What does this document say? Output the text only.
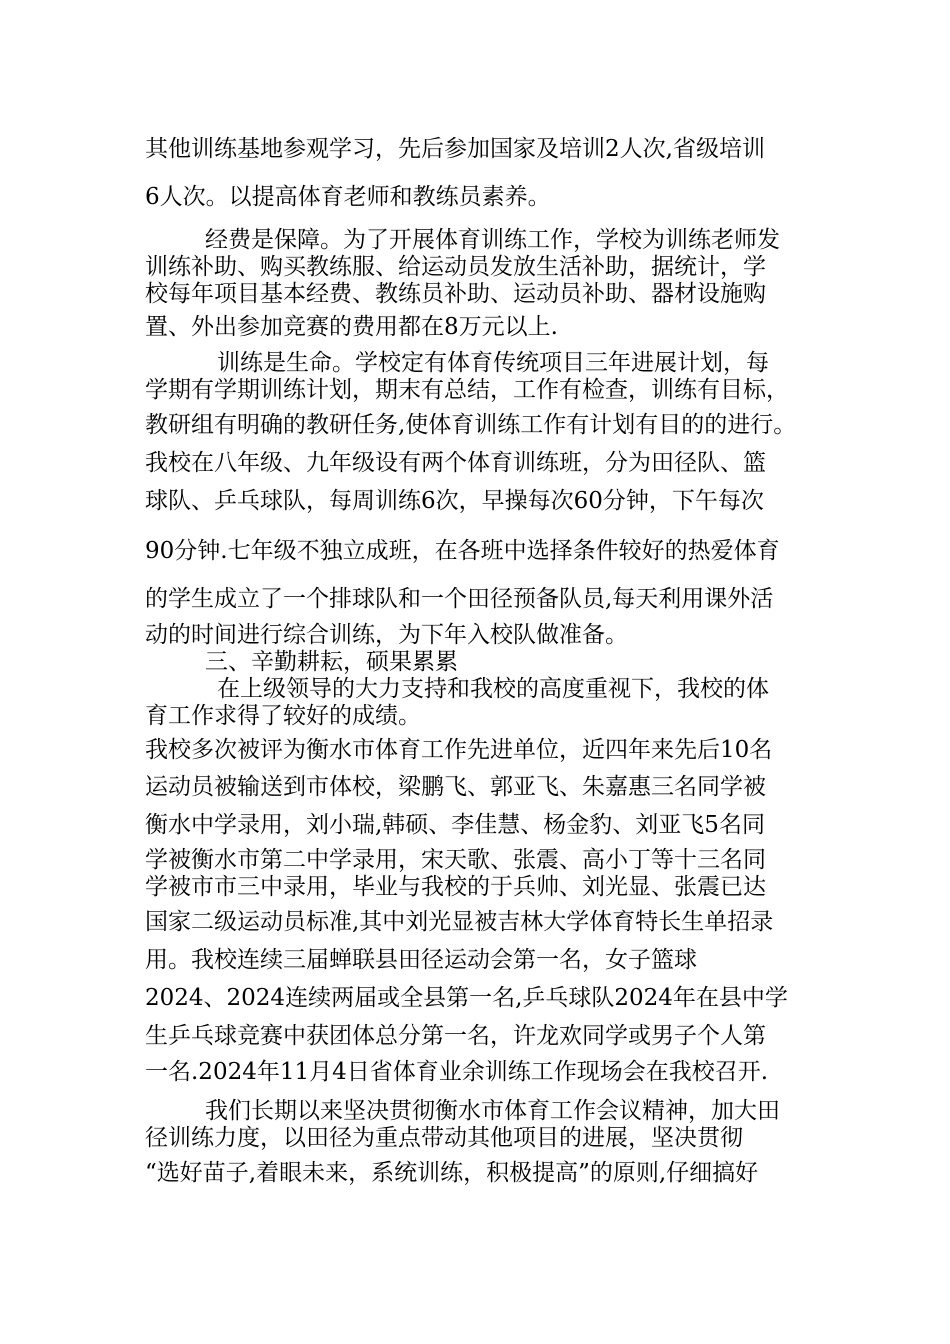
其他训练基地参观学习，先后参加国家及培训2人次,省级培训
6人次。以提高体育老师和教练员素养。
经费是保障。为了开展体育训练工作，学校为训练老师发
训练补助、购买教练服、给运动员发放生活补助，据统计，学
校每年项目基本经费、教练员补助、运动员补助、器材设施购
置、外出参加竞赛的费用都在8万元以上.
训练是生命。学校定有体育传统项目三年进展计划，每
学期有学期训练计划，期末有总结，工作有检查，训练有目标，
教研组有明确的教研任务,使体育训练工作有计划有目的的进行。
我校在八年级、九年级设有两个体育训练班，分为田径队、篮
球队、乒乓球队，每周训练6次，早操每次60分钟，下午每次
90分钟.七年级不独立成班，在各班中选择条件较好的热爱体育
的学生成立了一个排球队和一个田径预备队员,每天利用课外活
动的时间进行综合训练，为下年入校队做准备。
三、辛勤耕耘，硕果累累
在上级领导的大力支持和我校的高度重视下，我校的体
育工作求得了较好的成绩。
我校多次被评为衡水市体育工作先进单位，近四年来先后10名
运动员被输送到市体校，梁鹏飞、郭亚飞、朱嘉惠三名同学被
衡水中学录用，刘小瑞,韩硕、李佳慧、杨金豹、刘亚飞5名同
学被衡水市第二中学录用，宋天歌、张震、高小丁等十三名同
学被市市三中录用，毕业与我校的于兵帅、刘光显、张震已达
国家二级运动员标准,其中刘光显被吉林大学体育特长生单招录
用。我校连续三届蝉联县田径运动会第一名，女子篮球
2024、2024连续两届或全县第一名,乒乓球队2024年在县中学
生乒乓球竞赛中获团体总分第一名，许龙欢同学或男子个人第
一名.2024年11月4日省体育业余训练工作现场会在我校召开.
我们长期以来坚决贯彻衡水市体育工作会议精神，加大田
径训练力度，以田径为重点带动其他项目的进展，坚决贯彻
“选好苗子,着眼未来，系统训练，积极提高”的原则,仔细搞好
